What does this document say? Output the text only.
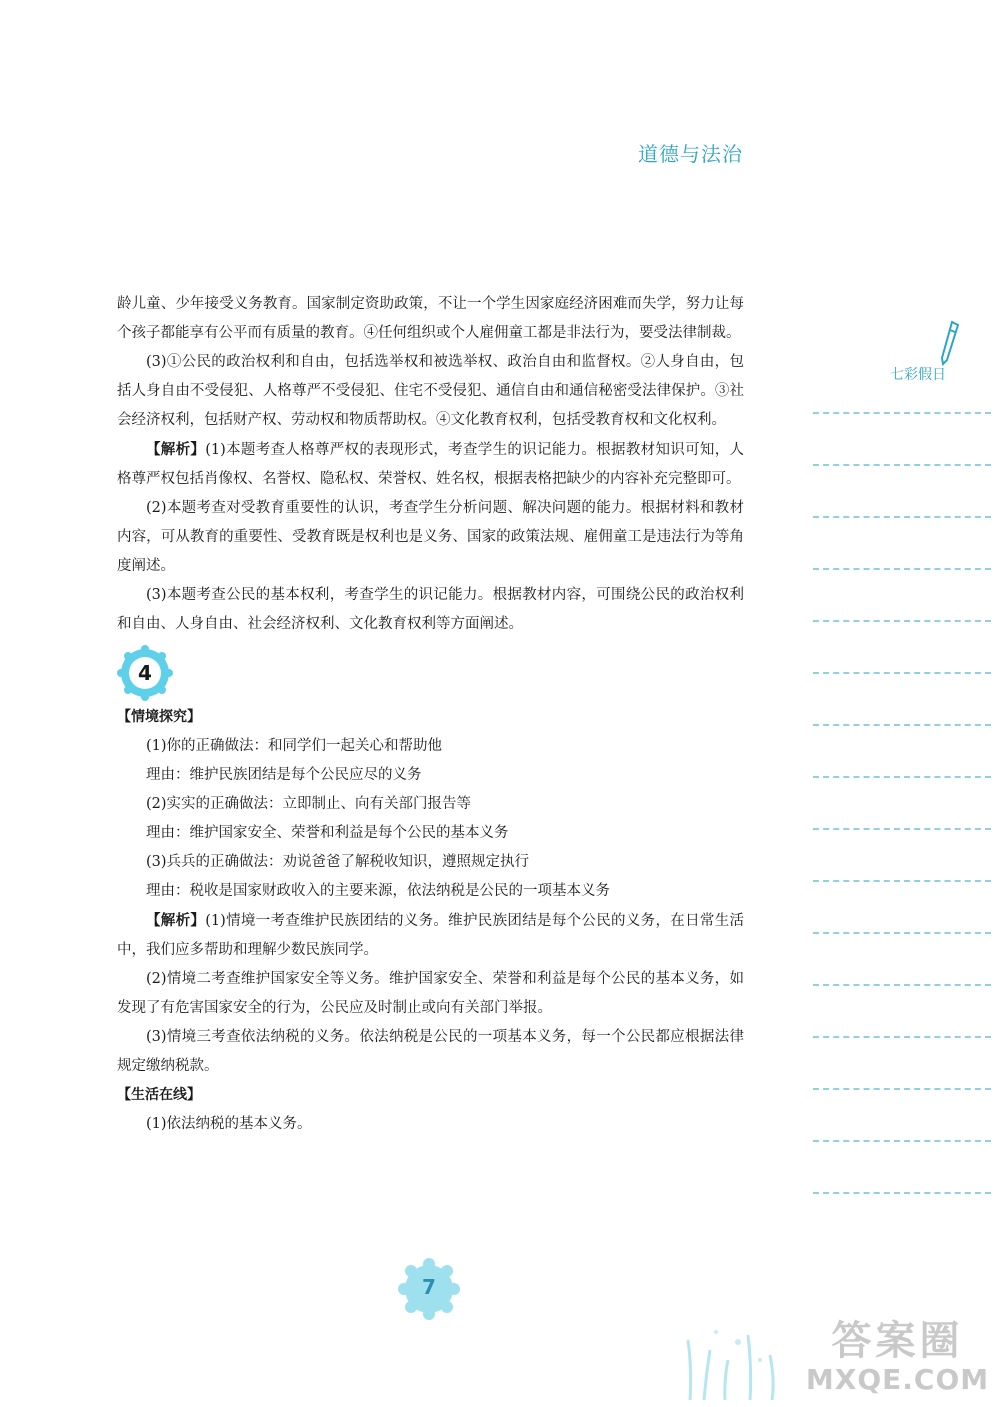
道德与法治

龄儿童、少年接受义务教育。国家制定资助政策，不让一个学生因家庭经济困难而失学，努力让每个孩子都能享有公平而有质量的教育。④任何组织或个人雇佣童工都是非法行为，要受法律制裁。

(3)①公民的政治权利和自由，包括选举权和被选举权、政治自由和监督权。②人身自由，包括人身自由不受侵犯、人格尊严不受侵犯、住宅不受侵犯、通信自由和通信秘密受法律保护。③社会经济权利，包括财产权、劳动权和物质帮助权。④文化教育权利，包括受教育权和文化权利。

【解析】(1)本题考查人格尊严权的表现形式，考查学生的识记能力。根据教材知识可知，人格尊严权包括肖像权、名誉权、隐私权、荣誉权、姓名权，根据表格把缺少的内容补充完整即可。

(2)本题考查对受教育重要性的认识，考查学生分析问题、解决问题的能力。根据材料和教材内容，可从教育的重要性、受教育既是权利也是义务、国家的政策法规、雇佣童工是违法行为等角度阐述。

(3)本题考查公民的基本权利，考查学生的识记能力。根据教材内容，可围绕公民的政治权利和自由、人身自由、社会经济权利、文化教育权利等方面阐述。

4

【情境探究】

(1)你的正确做法：和同学们一起关心和帮助他

理由：维护民族团结是每个公民应尽的义务

(2)实实的正确做法：立即制止、向有关部门报告等

理由：维护国家安全、荣誉和利益是每个公民的基本义务

(3)兵兵的正确做法：劝说爸爸了解税收知识，遵照规定执行

理由：税收是国家财政收入的主要来源，依法纳税是公民的一项基本义务

【解析】(1)情境一考查维护民族团结的义务。维护民族团结是每个公民的义务，在日常生活中，我们应多帮助和理解少数民族同学。

(2)情境二考查维护国家安全等义务。维护国家安全、荣誉和利益是每个公民的基本义务，如发现了有危害国家安全的行为，公民应及时制止或向有关部门举报。

(3)情境三考查依法纳税的义务。依法纳税是公民的一项基本义务，每一个公民都应根据法律规定缴纳税款。

【生活在线】

(1)依法纳税的基本义务。

七彩假日
7
答案圈
MXQE.COM
